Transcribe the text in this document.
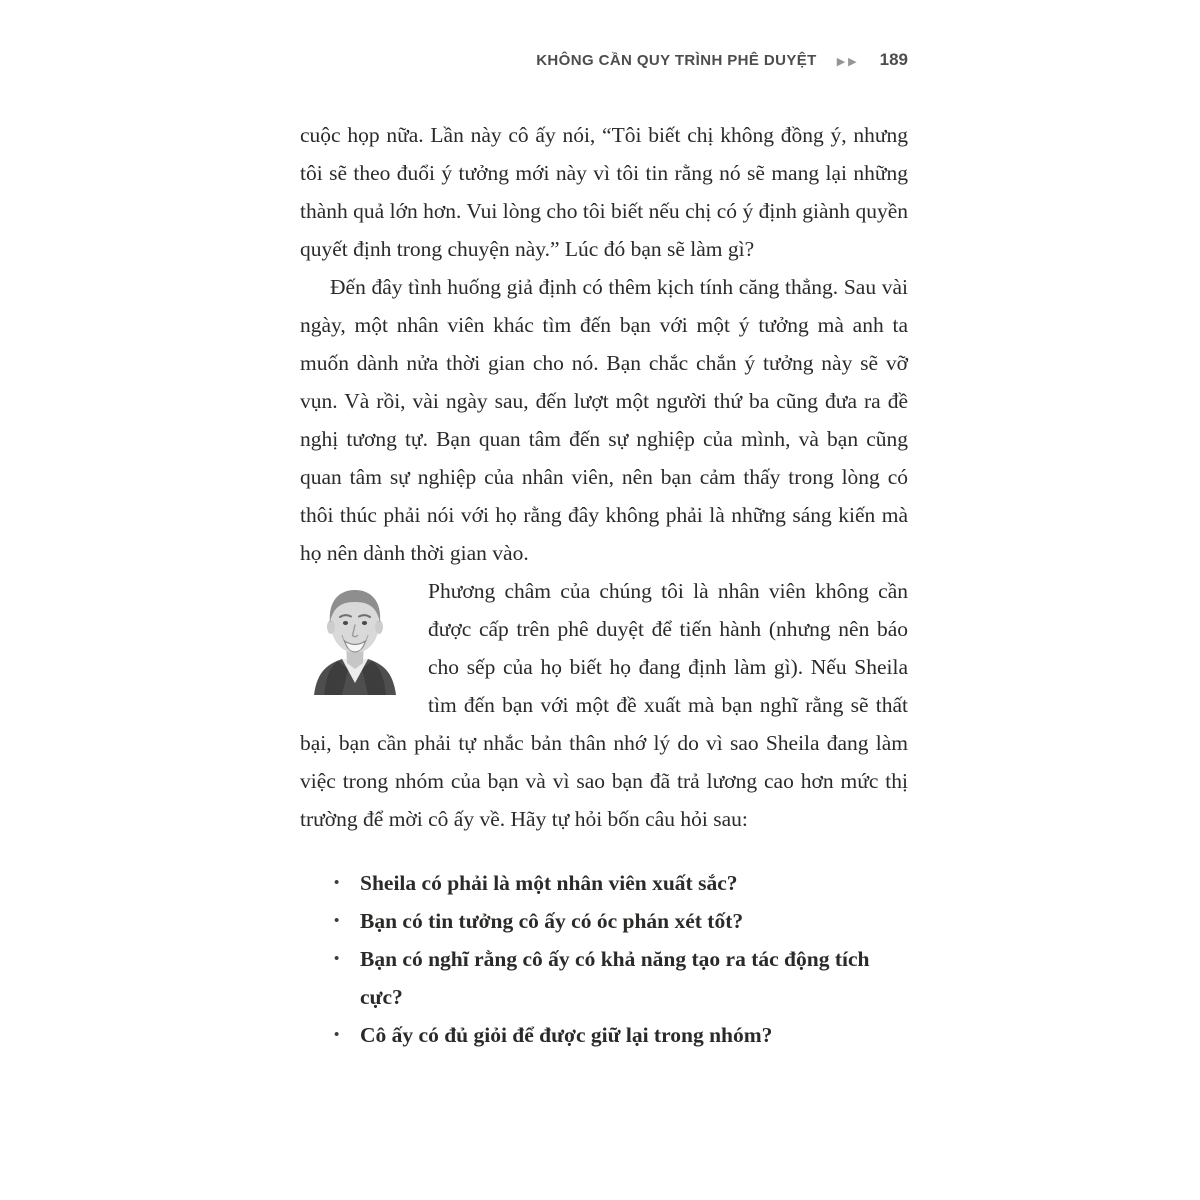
KHÔNG CẦN QUY TRÌNH PHÊ DUYỆT ▶▶ 189

cuộc họp nữa. Lần này cô ấy nói, “Tôi biết chị không đồng ý, nhưng tôi sẽ theo đuổi ý tưởng mới này vì tôi tin rằng nó sẽ mang lại những thành quả lớn hơn. Vui lòng cho tôi biết nếu chị có ý định giành quyền quyết định trong chuyện này.” Lúc đó bạn sẽ làm gì?

Đến đây tình huống giả định có thêm kịch tính căng thẳng. Sau vài ngày, một nhân viên khác tìm đến bạn với một ý tưởng mà anh ta muốn dành nửa thời gian cho nó. Bạn chắc chắn ý tưởng này sẽ vỡ vụn. Và rồi, vài ngày sau, đến lượt một người thứ ba cũng đưa ra đề nghị tương tự. Bạn quan tâm đến sự nghiệp của mình, và bạn cũng quan tâm sự nghiệp của nhân viên, nên bạn cảm thấy trong lòng có thôi thúc phải nói với họ rằng đây không phải là những sáng kiến mà họ nên dành thời gian vào.

Phương châm của chúng tôi là nhân viên không cần được cấp trên phê duyệt để tiến hành (nhưng nên báo cho sếp của họ biết họ đang định làm gì). Nếu Sheila tìm đến bạn với một đề xuất mà bạn nghĩ rằng sẽ thất bại, bạn cần phải tự nhắc bản thân nhớ lý do vì sao Sheila đang làm việc trong nhóm của bạn và vì sao bạn đã trả lương cao hơn mức thị trường để mời cô ấy về. Hãy tự hỏi bốn câu hỏi sau:

• Sheila có phải là một nhân viên xuất sắc?
• Bạn có tin tưởng cô ấy có óc phán xét tốt?
• Bạn có nghĩ rằng cô ấy có khả năng tạo ra tác động tích cực?
• Cô ấy có đủ giỏi để được giữ lại trong nhóm?
